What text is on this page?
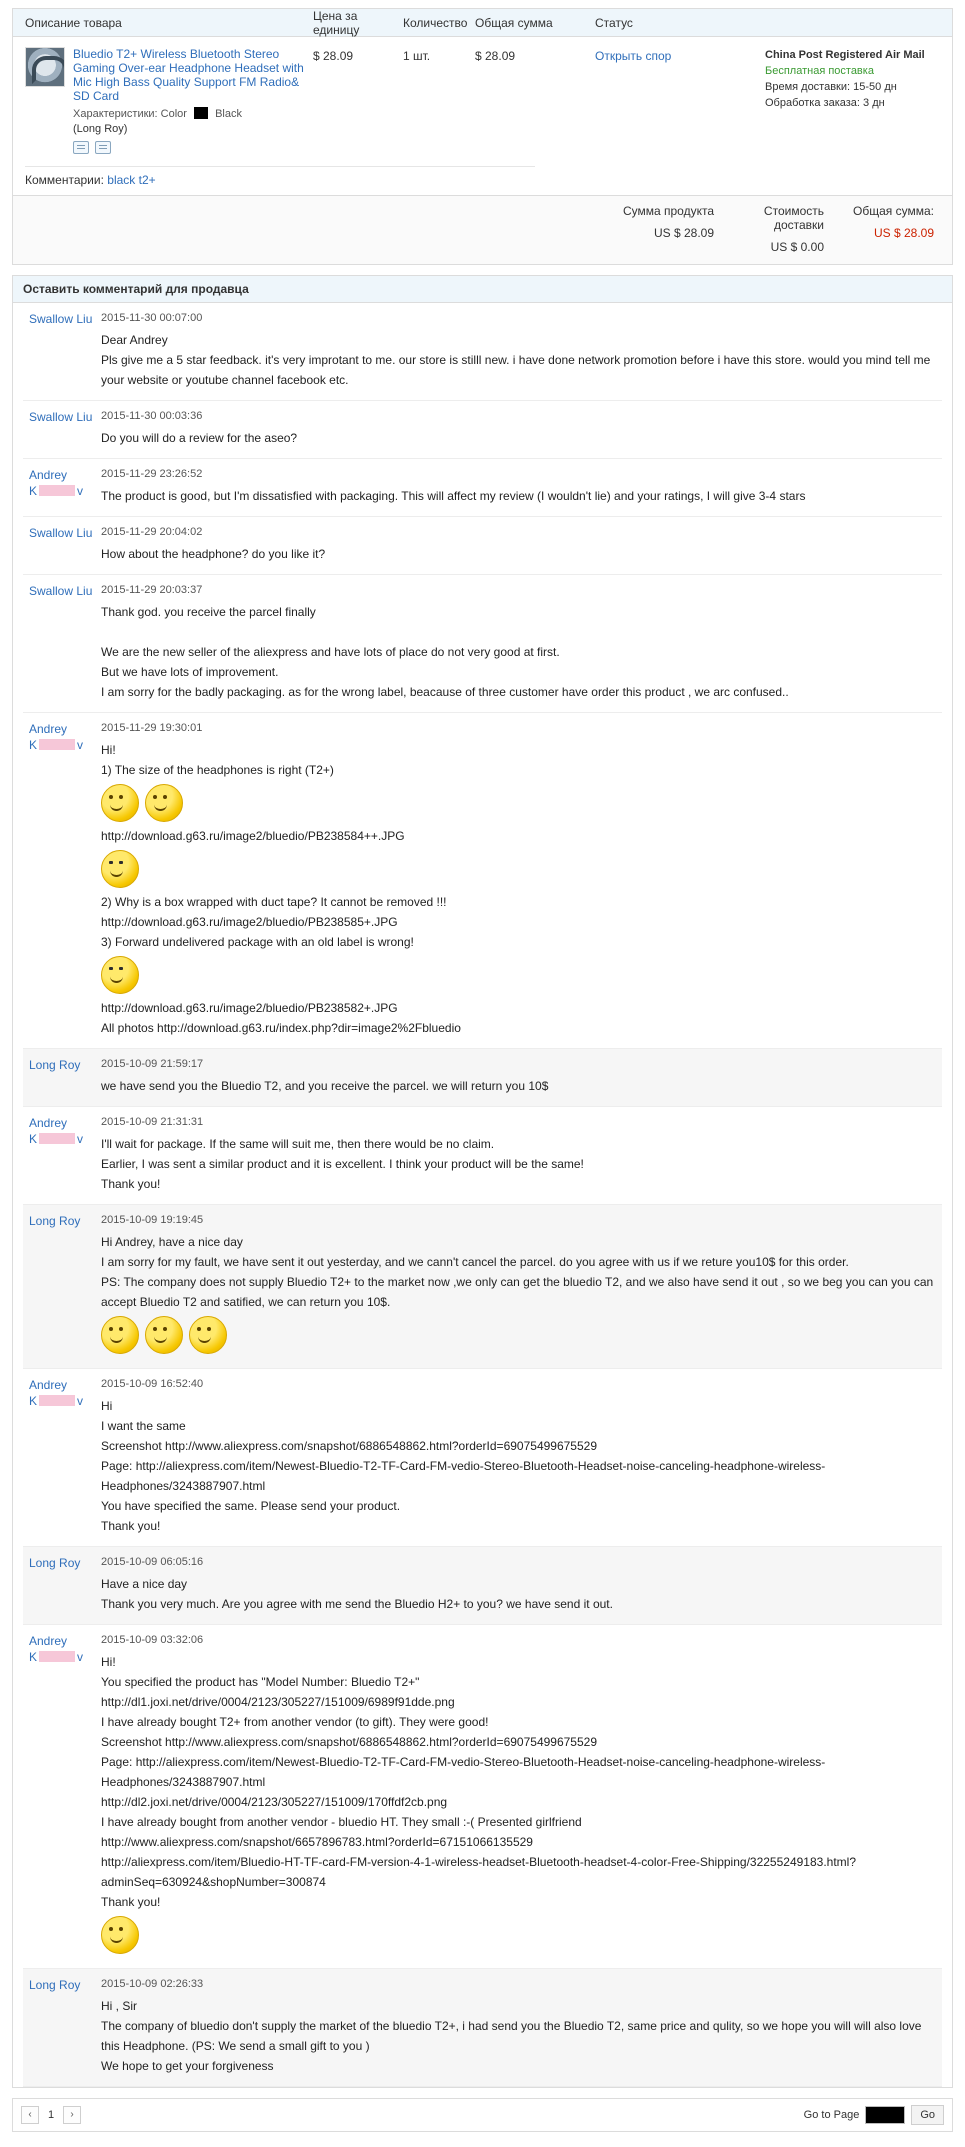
Описание товара	Цена за единицу	Количество Общая сумма	Статус
Bluedio T2+ Wireless Bluetooth Stereo Gaming Over-ear Headphone Headset with Mic High Bass Quality Support FM Radio& SD Card
Характеристики: Color	Black
(Long Roy)
$ 28.09	1 шт.	$ 28.09	Открыть спор	China Post Registered Air Mail
Бесплатная поставка
Время доставки: 15-50 дн
Обработка заказа: 3 дн
Комментарии: black t2+
Сумма продукта
US $ 28.09
Стоимость доставки
US $ 0.00
Общая сумма:
US $ 28.09
Оставить комментарий для продавца
Swallow Liu 2015-11-30 00:07:00

Dear Andrey

Pls give me a 5 star feedback. it's very improtant to me. our store is stilll new. i have done network promotion before i have this store. would you mind tell me your website or youtube channel facebook etc.

Swallow Liu 2015-11-30 00:03:36

Do you will do a review for the aseo?

Andrey
K	v
2015-11-29 23:26:52

The product is good, but I'm dissatisfied with packaging. This will affect my review (I wouldn't lie) and your ratings, I will give 3-4 stars

Swallow Liu 2015-11-29 20:04:02

How about the headphone? do you like it?

Swallow Liu 2015-11-29 20:03:37

Thank god. you receive the parcel finally

We are the new seller of the aliexpress and have lots of place do not very good at first.

But we have lots of improvement.

I am sorry for the badly packaging. as for the wrong label, beacause of three customer have order this product , we arc confused..

Andrey
K	v
2015-11-29 19:30:01

Hi!

1) The size of the headphones is right (T2+)

http://download.g63.ru/image2/bluedio/PB238584++.JPG

2) Why is a box wrapped with duct tape? It cannot be removed !!!

http://download.g63.ru/image2/bluedio/PB238585+.JPG

3) Forward undelivered package with an old label is wrong!

http://download.g63.ru/image2/bluedio/PB238582+.JPG

All photos http://download.g63.ru/index.php?dir=image2%2Fbluedio

Long Roy	2015-10-09 21:59:17

we have send you the Bluedio T2, and you receive the parcel. we will return you 10$

Andrey
K	v
2015-10-09 21:31:31

I'll wait for package. If the same will suit me, then there would be no claim.

Earlier, I was sent a similar product and it is excellent. I think your product will be the same!

Thank you!

Long Roy	2015-10-09 19:19:45

Hi Andrey, have a nice day

I am sorry for my fault, we have sent it out yesterday, and we cann't cancel the parcel. do you agree with us if we reture you10$ for this order.

PS: The company does not supply Bluedio T2+ to the market now ,we only can get the bluedio T2, and we also have send it out , so we beg you can you can accept Bluedio T2 and satified, we can return you 10$.

Andrey
K	v
2015-10-09 16:52:40

Hi

I want the same

Screenshot http://www.aliexpress.com/snapshot/6886548862.html?orderId=69075499675529

Page: http://aliexpress.com/item/Newest-Bluedio-T2-TF-Card-FM-vedio-Stereo-Bluetooth-Headset-noise-canceling-headphone-wireless-Headphones/3243887907.html

You have specified the same. Please send your product.

Thank you!

Long Roy	2015-10-09 06:05:16

Have a nice day

Thank you very much. Are you agree with me send the Bluedio H2+ to you? we have send it out.

Andrey
K	v
2015-10-09 03:32:06

Hi!

You specified the product has "Model Number: Bluedio T2+"

http://dl1.joxi.net/drive/0004/2123/305227/151009/6989f91dde.png

I have already bought T2+ from another vendor (to gift). They were good!

Screenshot http://www.aliexpress.com/snapshot/6886548862.html?orderId=69075499675529

Page: http://aliexpress.com/item/Newest-Bluedio-T2-TF-Card-FM-vedio-Stereo-Bluetooth-Headset-noise-canceling-headphone-wireless-Headphones/3243887907.html

http://dl2.joxi.net/drive/0004/2123/305227/151009/170ffdf2cb.png

I have already bought from another vendor - bluedio HT. They small :-( Presented girlfriend

http://www.aliexpress.com/snapshot/6657896783.html?orderId=67151066135529

http://aliexpress.com/item/Bluedio-HT-TF-card-FM-version-4-1-wireless-headset-Bluetooth-headset-4-color-Free-Shipping/32255249183.html?adminSeq=630924&shopNumber=300874

Thank you!

Long Roy	2015-10-09 02:26:33

Hi , Sir

The company of bluedio don't supply the market of the bluedio T2+, i had send you the Bluedio T2, same price and qulity, so we hope you will will also love this Headphone. (PS: We send a small gift to you )

We hope to get your forgiveness

‹	1	›	Go to Page	Go
